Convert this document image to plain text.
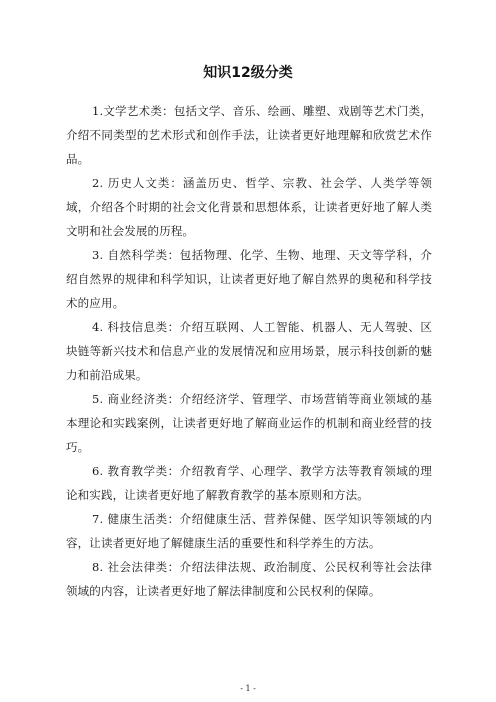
知识12级分类

1.文学艺术类：包括文学、音乐、绘画、雕塑、戏剧等艺术门类，介绍不同类型的艺术形式和创作手法，让读者更好地理解和欣赏艺术作品。

2. 历史人文类：涵盖历史、哲学、宗教、社会学、人类学等领域，介绍各个时期的社会文化背景和思想体系，让读者更好地了解人类文明和社会发展的历程。

3. 自然科学类：包括物理、化学、生物、地理、天文等学科，介绍自然界的规律和科学知识，让读者更好地了解自然界的奥秘和科学技术的应用。

4. 科技信息类：介绍互联网、人工智能、机器人、无人驾驶、区块链等新兴技术和信息产业的发展情况和应用场景，展示科技创新的魅力和前沿成果。

5. 商业经济类：介绍经济学、管理学、市场营销等商业领域的基本理论和实践案例，让读者更好地了解商业运作的机制和商业经营的技巧。

6. 教育教学类：介绍教育学、心理学、教学方法等教育领域的理论和实践，让读者更好地了解教育教学的基本原则和方法。

7. 健康生活类：介绍健康生活、营养保健、医学知识等领域的内容，让读者更好地了解健康生活的重要性和科学养生的方法。

8. 社会法律类：介绍法律法规、政治制度、公民权利等社会法律领域的内容，让读者更好地了解法律制度和公民权利的保障。

- 1 -
